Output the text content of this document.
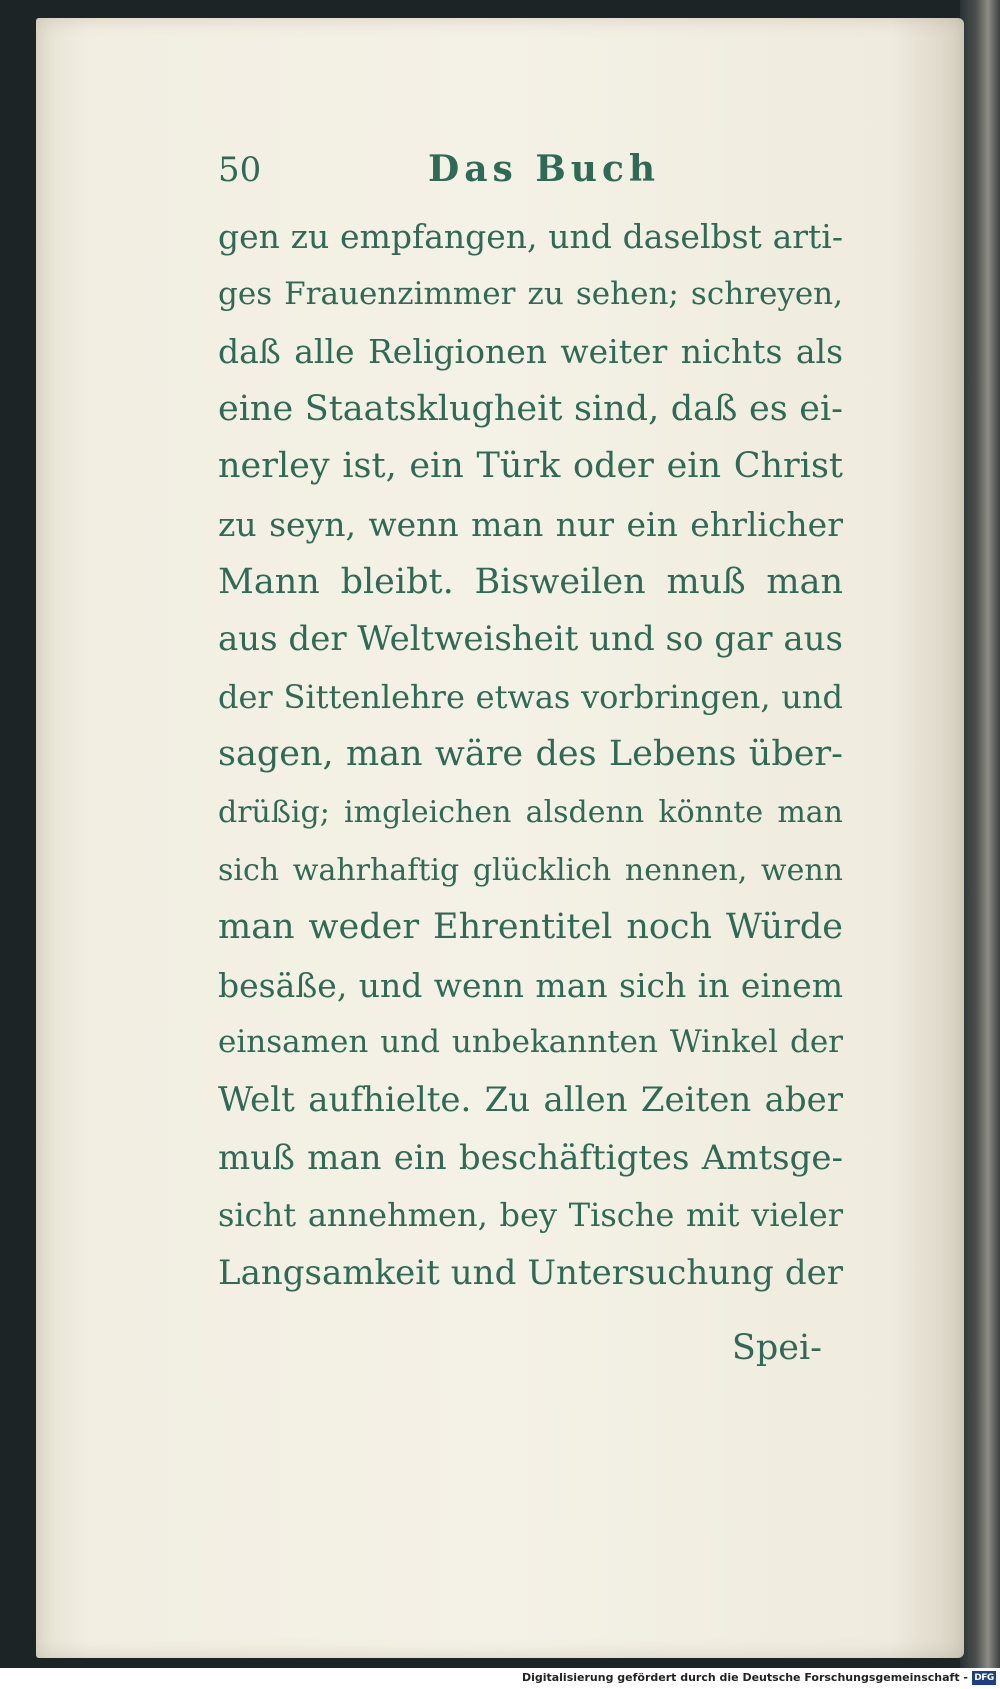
50	Das Buch
gen zu empfangen, und daselbst arti-
ges Frauenzimmer zu sehen; schreyen,
daß alle Religionen weiter nichts als
eine Staatsklugheit sind, daß es ei-
nerley ist, ein Türk oder ein Christ
zu seyn, wenn man nur ein ehrlicher
Mann bleibt. Bisweilen muß man
aus der Weltweisheit und so gar aus
der Sittenlehre etwas vorbringen, und
sagen, man wäre des Lebens über-
drüßig; imgleichen alsdenn könnte man
sich wahrhaftig glücklich nennen, wenn
man weder Ehrentitel noch Würde
besäße, und wenn man sich in einem
einsamen und unbekannten Winkel der
Welt aufhielte. Zu allen Zeiten aber
muß man ein beschäftigtes Amtsge-
sicht annehmen, bey Tische mit vieler
Langsamkeit und Untersuchung der
Spei-
Digitalisierung gefördert durch die Deutsche Forschungsgemeinschaft - DFG
